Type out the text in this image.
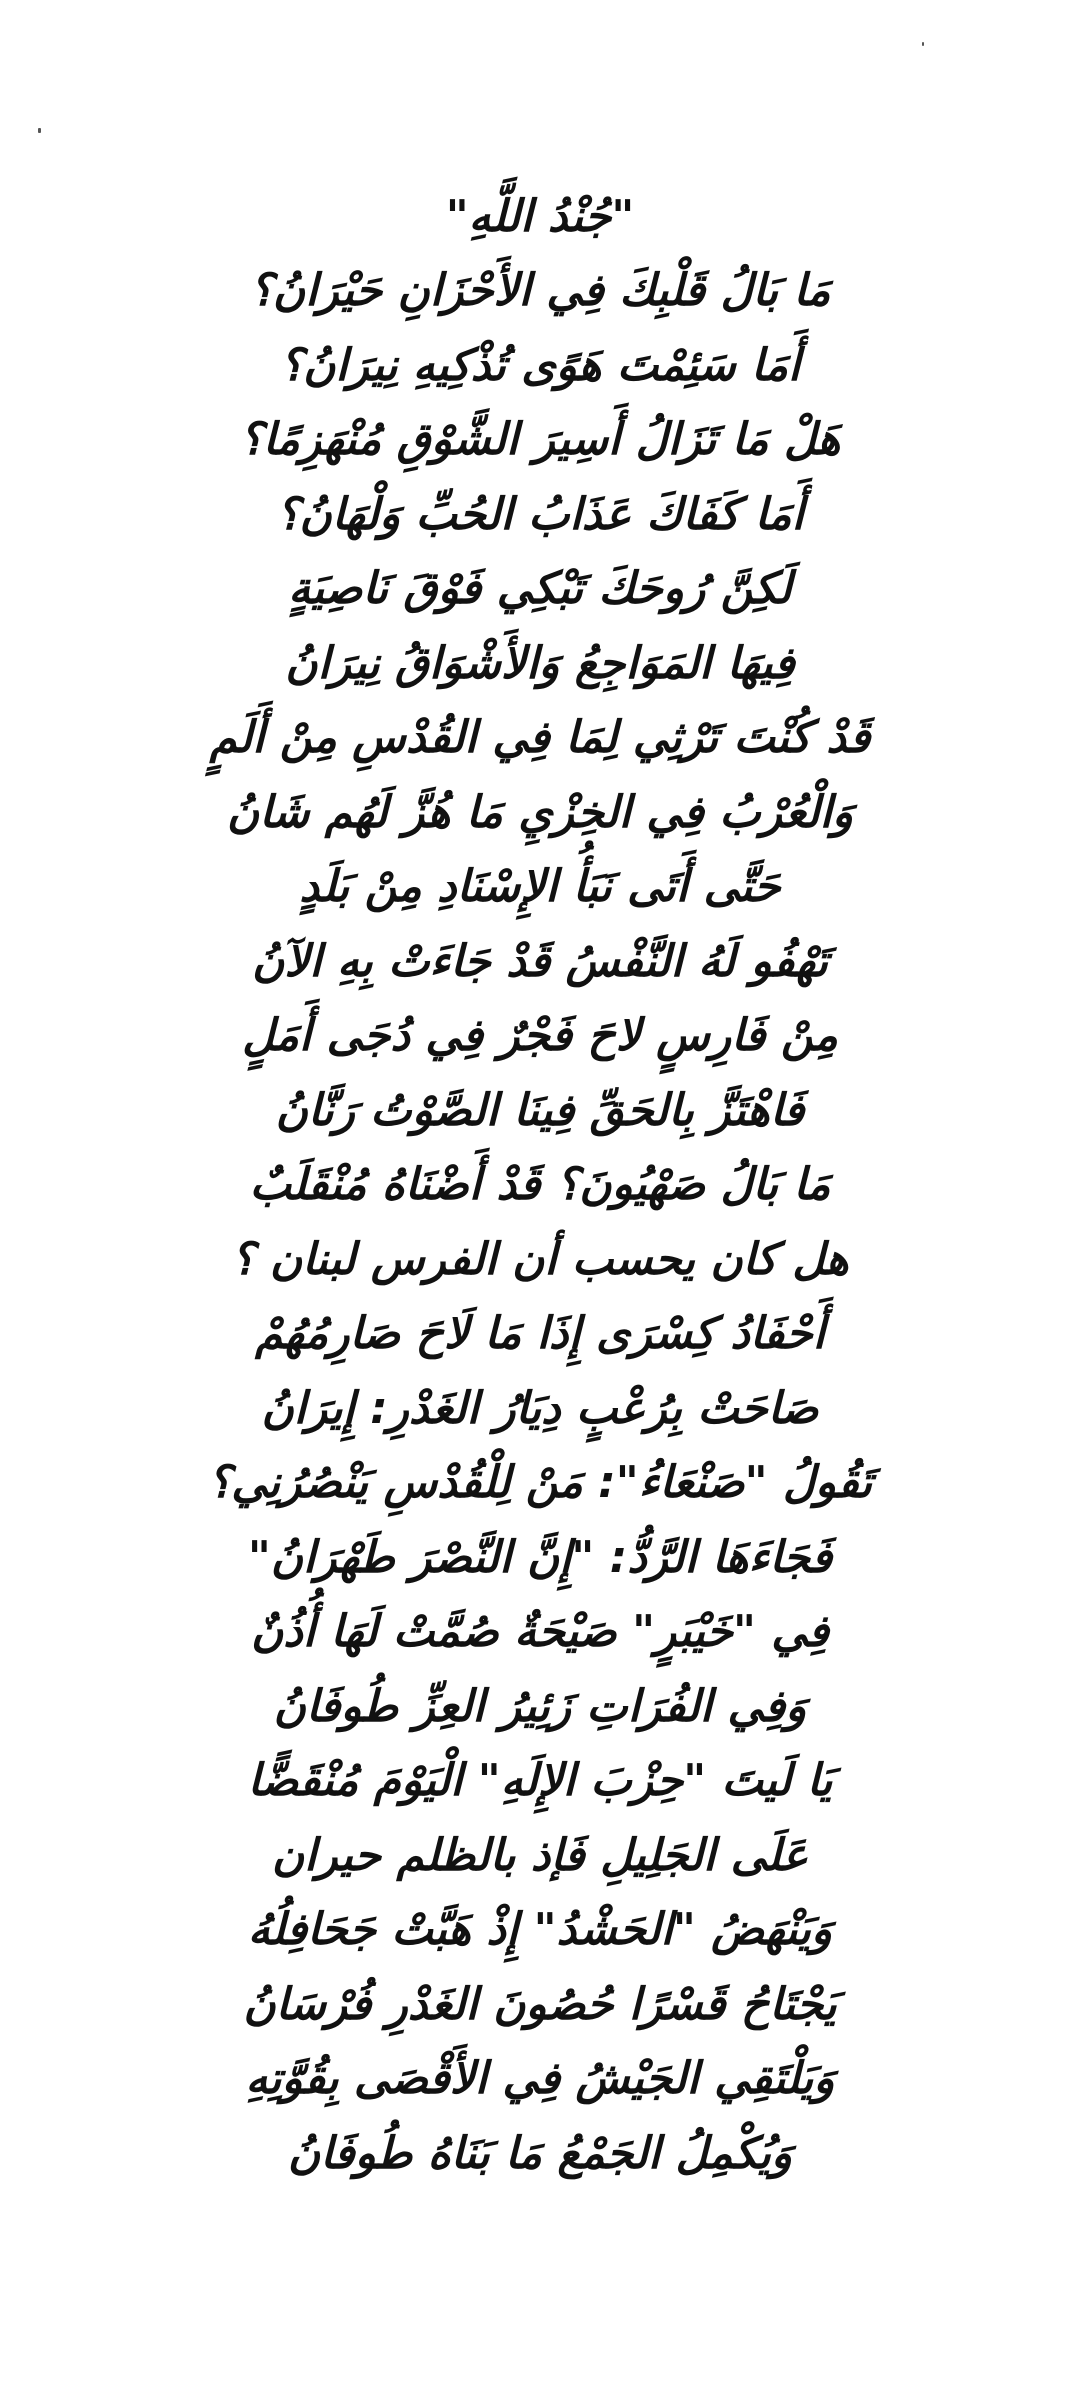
"جُنْدُ اللَّهِ"

مَا بَالُ قَلْبِكَ فِي الأَحْزَانِ حَيْرَانُ؟

أَمَا سَئِمْتَ هَوًى تُذْكِيهِ نِيرَانُ؟

هَلْ مَا تَزَالُ أَسِيرَ الشَّوْقِ مُنْهَزِمًا؟

أَمَا كَفَاكَ عَذَابُ الحُبِّ وَلْهَانُ؟

لَكِنَّ رُوحَكَ تَبْكِي فَوْقَ نَاصِيَةٍ

فِيهَا المَوَاجِعُ وَالأَشْوَاقُ نِيرَانُ

قَدْ كُنْتَ تَرْثِي لِمَا فِي القُدْسِ مِنْ أَلَمٍ

وَالْعُرْبُ فِي الخِزْيِ مَا هُزَّ لَهُم شَانُ

حَتَّى أَتَى نَبَأُ الإِسْنَادِ مِنْ بَلَدٍ

تَهْفُو لَهُ النَّفْسُ قَدْ جَاءَتْ بِهِ الآنُ

مِنْ فَارِسٍ لاحَ فَجْرٌ فِي دُجَى أَمَلٍ

فَاهْتَزَّ بِالحَقِّ فِينَا الصَّوْتُ رَنَّانُ

مَا بَالُ صَهْيُونَ؟ قَدْ أَضْنَاهُ مُنْقَلَبٌ

هل كان يحسب أن الفرس لبنان ؟

أَحْفَادُ كِسْرَى إِذَا مَا لَاحَ صَارِمُهُمْ

صَاحَتْ بِرُعْبٍ دِيَارُ الغَدْرِ: إِيرَانُ

تَقُولُ "صَنْعَاءُ": مَنْ لِلْقُدْسِ يَنْصُرُنِي؟

فَجَاءَهَا الرَّدُّ: "إِنَّ النَّصْرَ طَهْرَانُ"

فِي "خَيْبَرٍ" صَيْحَةٌ صُمَّتْ لَهَا أُذُنٌ

وَفِي الفُرَاتِ زَئِيرُ العِزِّ طُوفَانُ

يَا لَيتَ "حِزْبَ الإِلَهِ" الْيَوْمَ مُنْقَضًّا

عَلَى الجَلِيلِ فَإذ بالظلم حيران

وَيَنْهَضُ "الحَشْدُ" إِذْ هَبَّتْ جَحَافِلُهُ

يَجْتَاحُ قَسْرًا حُصُونَ الغَدْرِ فُرْسَانُ

وَيَلْتَقِي الجَيْشُ فِي الأَقْصَى بِقُوَّتِهِ

وَيُكْمِلُ الجَمْعُ مَا بَنَاهُ طُوفَانُ
